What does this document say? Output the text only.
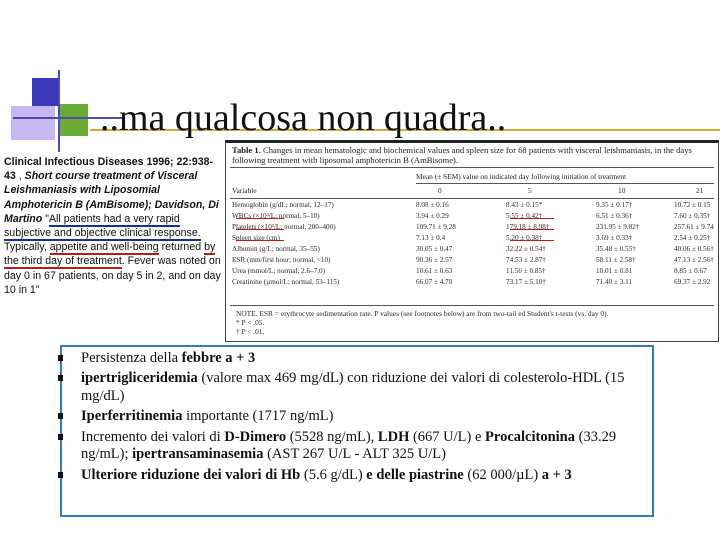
..ma qualcosa non quadra..
Clinical Infectious Diseases 1996; 22:938-43 , Short course treatment of Visceral Leishmaniasis with Liposomial Amphotericin B (AmBisome); Davidson, Di Martino "All patients had a very rapid subjective and objective clinical response. Typically, appetite and well-being returned by the third day of treatment. Fever was noted on day 0 in 67 patients, on day 5 in 2, and on day 10 in 1"
Table 1. Changes in mean hematologic and biochemical values and spleen size for 68 patients with visceral leishmaniasis, in the days following treatment with liposomal amphotericin B (AmBisome).
Mean (± SEM) value on indicated day following initiation of treatment
Variable	0	5	10	21
Hemoglobin (g/dL; normal, 12–17)	8.08 ± 0.16	8.43 ± 0.15*	9.35 ± 0.17†	10.72 ± 0.15
WBCs (×10³/L; normal, 5–10)	3.94 ± 0.29	5.55 ± 0.42†	6.51 ± 0.36†	7.60 ± 0.35†
Platelets (×10³/L; normal, 200–400)	109.71 ± 9.28	179.18 ± 8.98†	231.95 ± 9.82†	257.61 ± 9.74
Spleen size (cm)	7.13 ± 0.4	5.20 ± 0.38†	3.69 ± 0.33†	2.54 ± 0.25†
Albumin (g/L; normal, 35–55)	30.05 ± 0.47	32.22 ± 0.54†	35.48 ± 0.55†	40.06 ± 0.56†
ESR (mm/first hour; normal, <10)	90.36 ± 2.57	74.53 ± 2.87†	58.11 ± 2.58†	47.13 ± 2.56†
Urea (mmol/L; normal, 2.6–7.0)	10.61 ± 0.63	11.56 ± 0.85†	10.01 ± 0.81	8.85 ± 0.67
Creatinine (µmol/L; normal, 53–115)	66.07 ± 4.70	73.17 ± 5.10†	71.40 ± 3.11	69.37 ± 2.92
NOTE. ESR = erythrocyte sedimentation rate. P values (see footnotes below) are from two-tail ed Student's t-tests (vs. day 0).
* P < .05.
† P < .01.
Persistenza della febbre a + 3
ipertrigliceridemia (valore max 469 mg/dL) con riduzione dei valori di colesterolo-HDL (15 mg/dL)
Iperferritinemia importante (1717 ng/mL)
Incremento dei valori di D-Dimero (5528 ng/mL), LDH (667 U/L) e Procalcitonina (33.29 ng/mL); ipertransaminasemia (AST 267 U/L - ALT 325 U/L)
Ulteriore riduzione dei valori di Hb (5.6 g/dL) e delle piastrine (62 000/µL) a + 3
